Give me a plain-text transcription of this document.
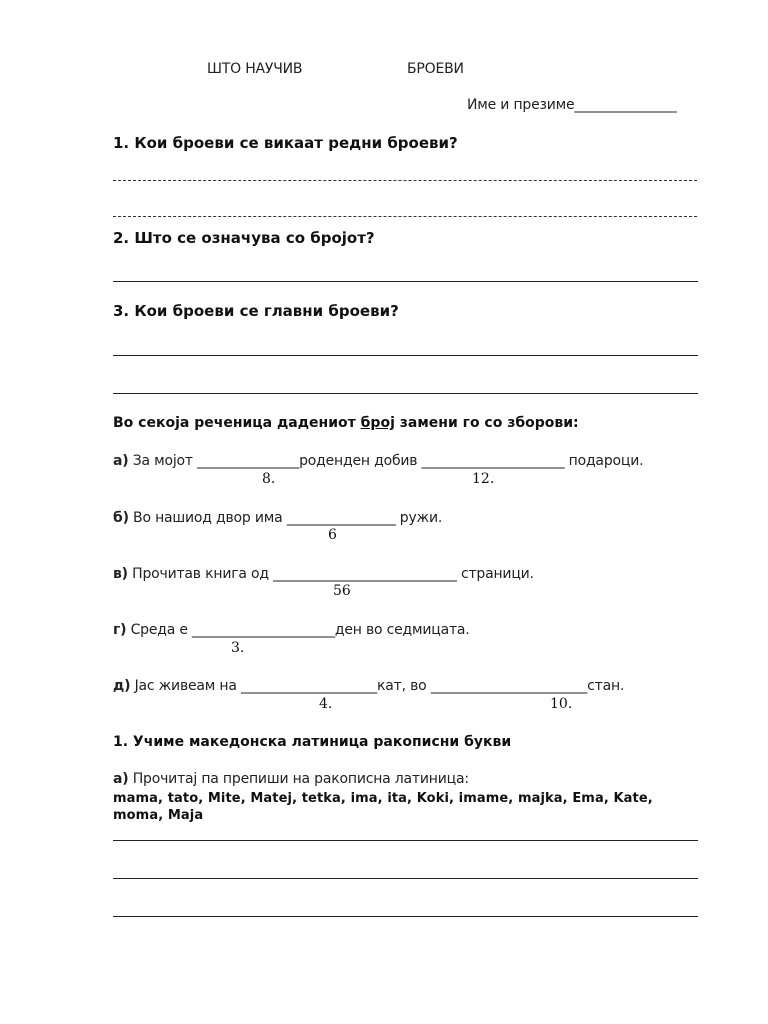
ШТО НАУЧИВ	БРОЕВИ
Име и презиме_______________
1. Кои броеви се викаат редни броеви?
2. Што се означува со бројот?
3. Кои броеви се главни броеви?
Во секоја реченица дадениот број замени го со зборови:
а) За мојот _______________роденден добив _____________________ подароци.
8.	12.
б) Во нашиод двор има ________________ ружи.
6
в) Прочитав книга од ___________________________ страници.
56
г) Среда е _____________________ден во седмицата.
3.
д) Јас живеам на ____________________кат, во _______________________стан.
4.	10.
1. Учиме македонска латиница ракописни букви
а) Прочитај па препиши на ракописна латиница:
mama, tato, Mite, Matej, tetka, ima, ita, Koki, imame, majka, Ema, Kate,
moma, Maja
